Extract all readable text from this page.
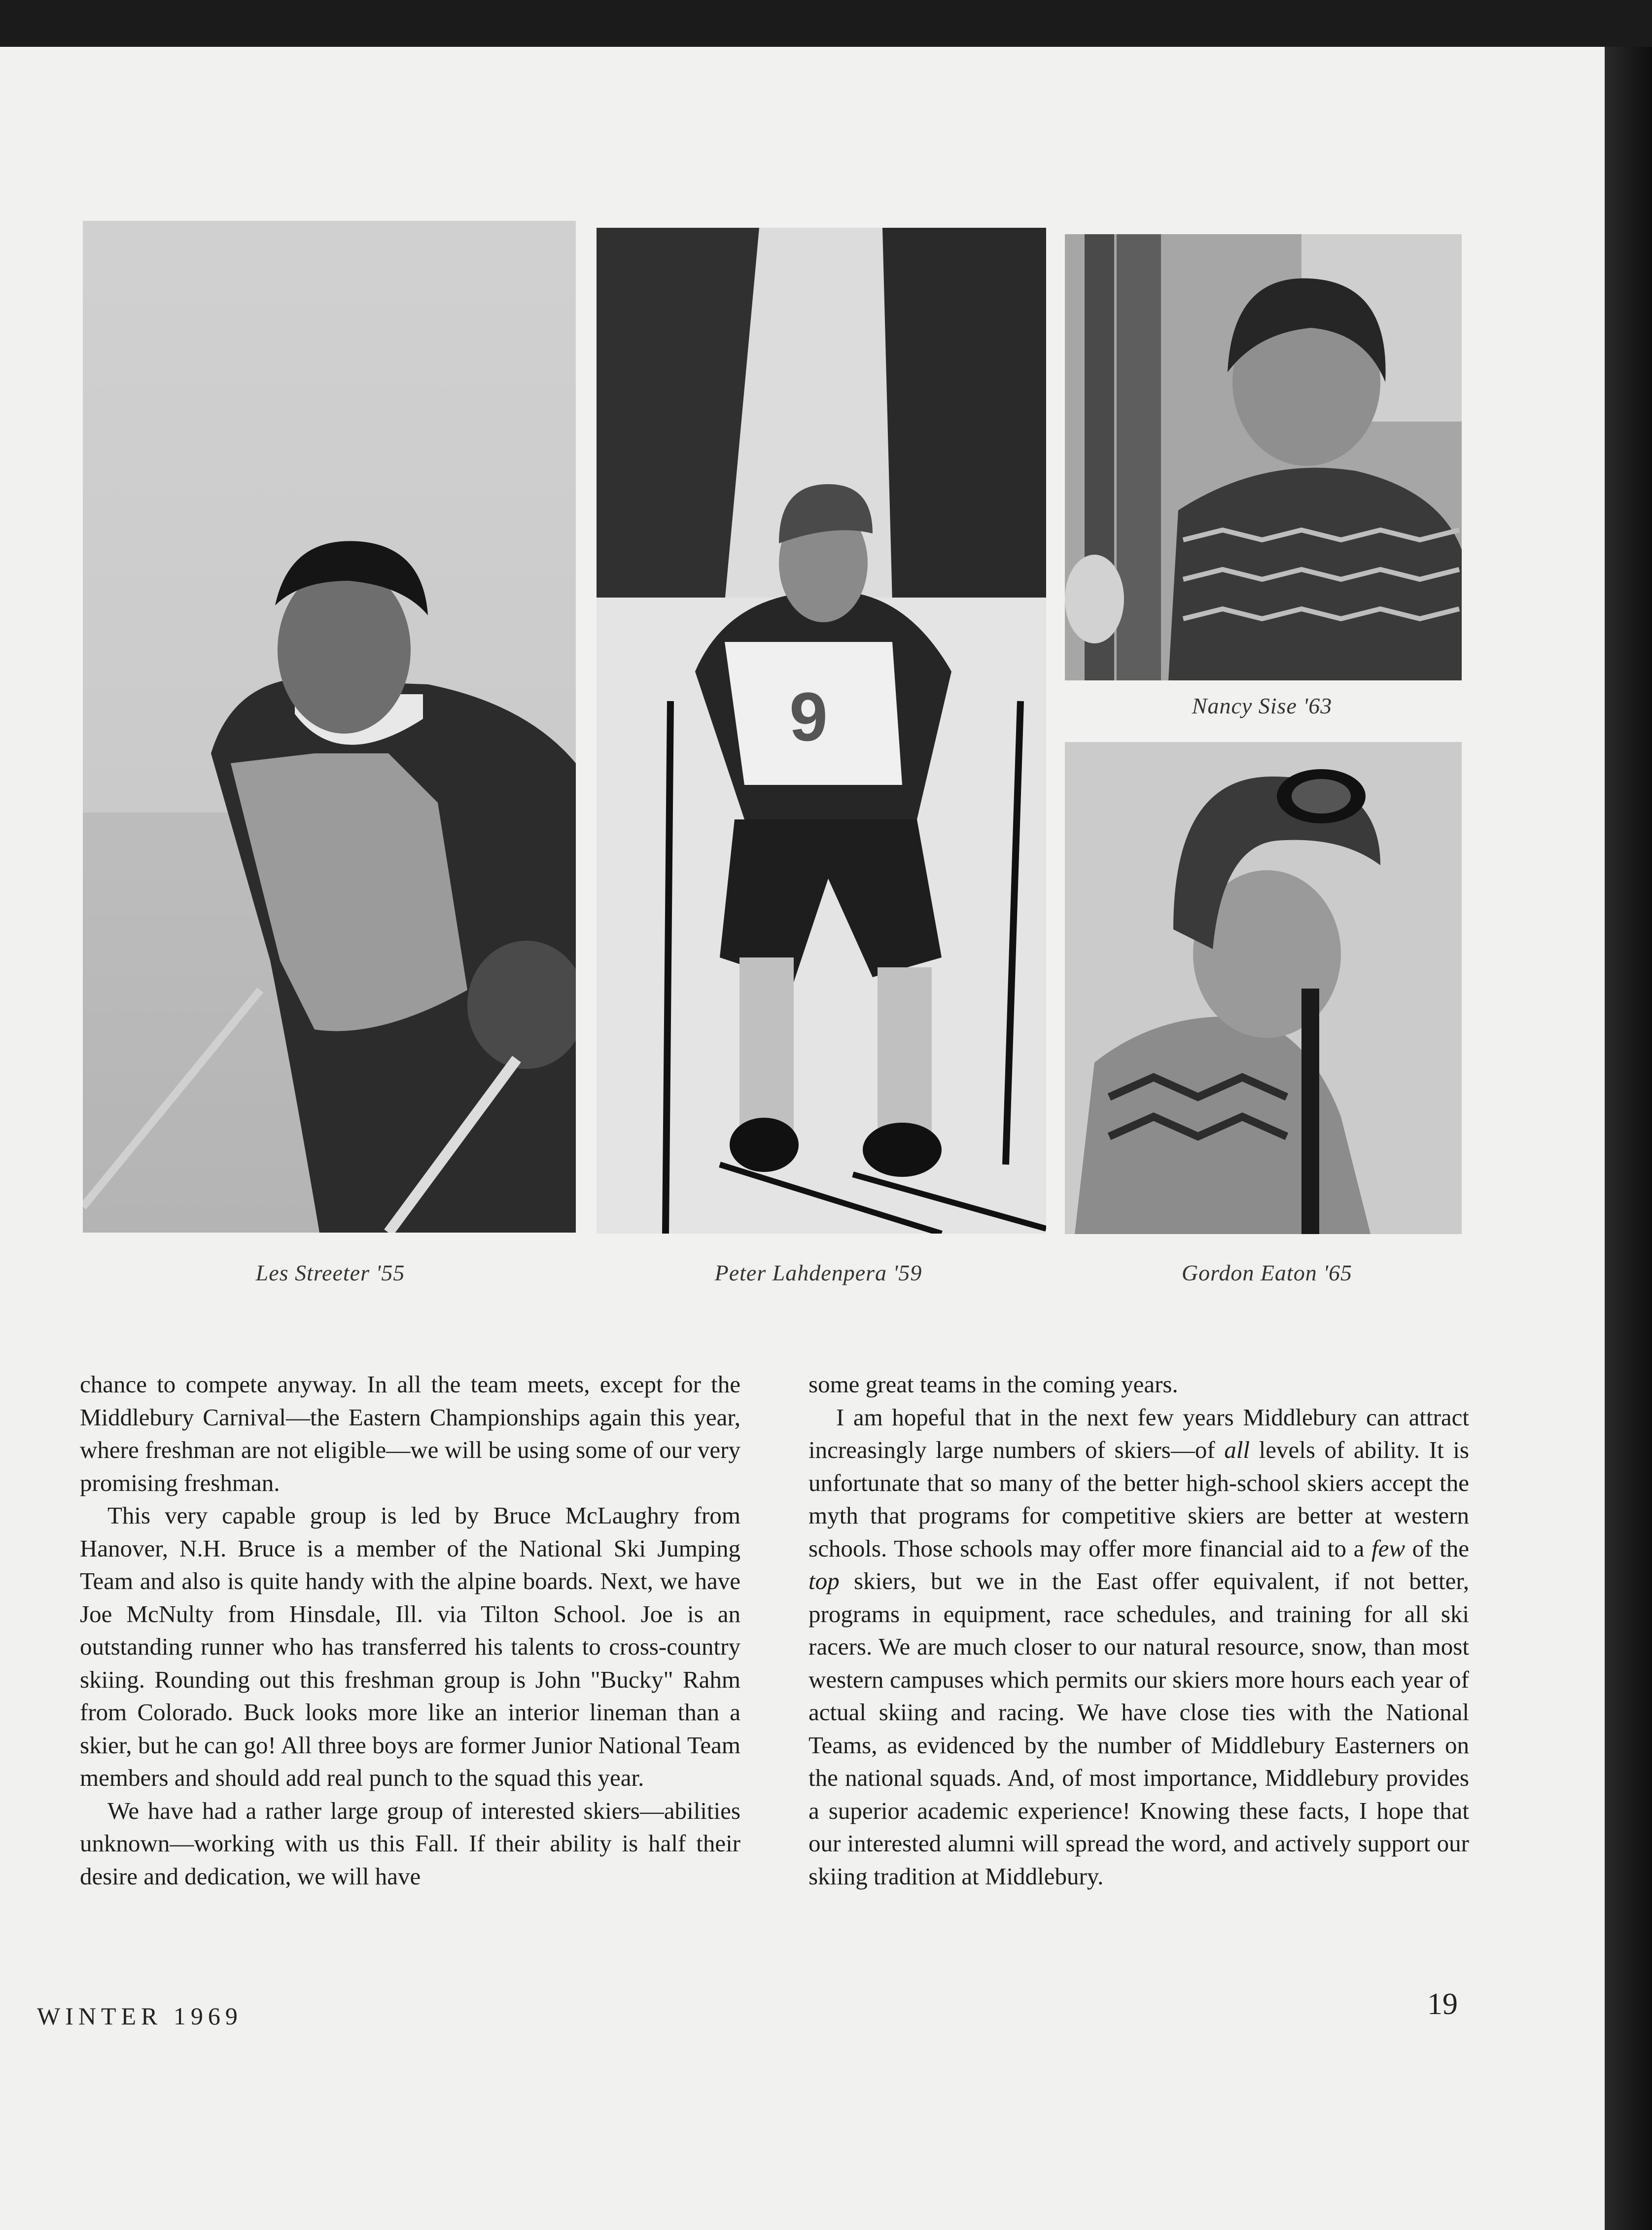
Les Streeter '55
9
Peter Lahdenpera '59
Nancy Sise '63
Gordon Eaton '65

chance to compete anyway. In all the team meets, except for the Middlebury Carnival—the Eastern Championships again this year, where freshman are not eligible—we will be using some of our very promising freshman.

This very capable group is led by Bruce McLaughry from Hanover, N.H. Bruce is a member of the National Ski Jumping Team and also is quite handy with the alpine boards. Next, we have Joe McNulty from Hinsdale, Ill. via Tilton School. Joe is an outstanding runner who has transferred his talents to cross-country skiing. Rounding out this freshman group is John "Bucky" Rahm from Colorado. Buck looks more like an interior lineman than a skier, but he can go! All three boys are former Junior National Team members and should add real punch to the squad this year.

We have had a rather large group of interested skiers—abilities unknown—working with us this Fall. If their ability is half their desire and dedication, we will have

some great teams in the coming years.

I am hopeful that in the next few years Middlebury can attract increasingly large numbers of skiers—of all levels of ability. It is unfortunate that so many of the better high-school skiers accept the myth that programs for competitive skiers are better at western schools. Those schools may offer more financial aid to a few of the top skiers, but we in the East offer equivalent, if not better, programs in equipment, race schedules, and training for all ski racers. We are much closer to our natural resource, snow, than most western campuses which permits our skiers more hours each year of actual skiing and racing. We have close ties with the National Teams, as evidenced by the number of Middlebury Easterners on the national squads. And, of most importance, Middlebury provides a superior academic experience! Knowing these facts, I hope that our interested alumni will spread the word, and actively support our skiing tradition at Middlebury.

WINTER 1969	19
